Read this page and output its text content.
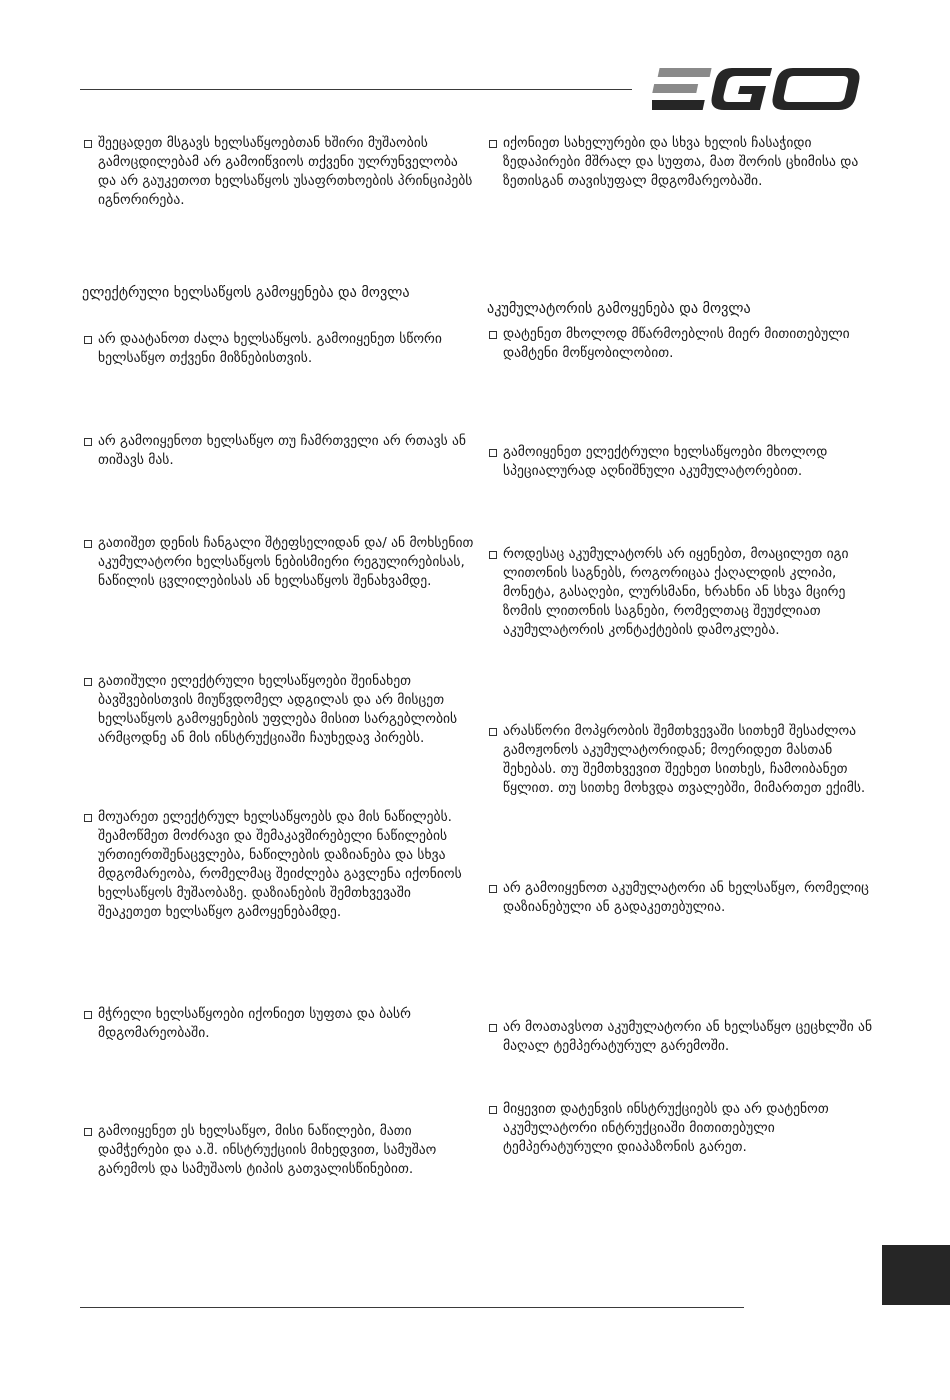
შეეცადეთ მსგავს ხელსაწყოებთან ხშირი მუშაობის გამოცდილებამ არ გამოიწვიოს თქვენი ულრუნველობა და არ გაუკეთოთ ხელსაწყოს უსაფრთხოების პრინციპებს იგნორირება.

ელექტრული ხელსაწყოს გამოყენება და მოვლა

არ დაატანოთ ძალა ხელსაწყოს. გამოიყენეთ სწორი ხელსაწყო თქვენი მიზნებისთვის.

არ გამოიყენოთ ხელსაწყო თუ ჩამრთველი არ რთავს ან თიშავს მას.

გათიშეთ დენის ჩანგალი შტეფსელიდან და/ ან მოხსენით აკუმულატორი ხელსაწყოს ნებისმიერი რეგულირებისას, ნაწილის ცვლილებისას ან ხელსაწყოს შენახვამდე.

გათიშული ელექტრული ხელსაწყოები შეინახეთ ბავშვებისთვის მიუწვდომელ ადგილას და არ მისცეთ ხელსაწყოს გამოყენების უფლება მისით სარგებლობის არმცოდნე ან მის ინსტრუქციაში ჩაუხედავ პირებს.

მოუარეთ ელექტრულ ხელსაწყოებს და მის ნაწილებს. შეამოწმეთ მოძრავი და შემაკავშირებელი ნაწილების ურთიერთშენაცვლება, ნაწილების დაზიანება და სხვა მდგომარეობა, რომელმაც შეიძლება გავლენა იქონიოს ხელსაწყოს მუშაობაზე. დაზიანების შემთხვევაში შეაკეთეთ ხელსაწყო გამოყენებამდე.

მჭრელი ხელსაწყოები იქონიეთ სუფთა და ბასრ მდგომარეობაში.

გამოიყენეთ ეს ხელსაწყო, მისი ნაწილები, მათი დამჭერები და ა.შ. ინსტრუქციის მიხედვით, სამუშაო გარემოს და სამუშაოს ტიპის გათვალისწინებით.

იქონიეთ სახელურები და სხვა ხელის ჩასაჭიდი ზედაპირები მშრალ და სუფთა, მათ შორის ცხიმისა და ზეთისგან თავისუფალ მდგომარეობაში.

აკუმულატორის გამოყენება და მოვლა

დატენეთ მხოლოდ მწარმოებლის მიერ მითითებული დამტენი მოწყობილობით.

გამოიყენეთ ელექტრული ხელსაწყოები მხოლოდ სპეციალურად აღნიშნული აკუმულატორებით.

როდესაც აკუმულატორს არ იყენებთ, მოაცილეთ იგი ლითონის საგნებს, როგორიცაა ქაღალდის კლიპი, მონეტა, გასაღები, ლურსმანი, ხრახნი ან სხვა მცირე ზომის ლითონის საგნები, რომელთაც შეუძლიათ აკუმულატორის კონტაქტების დამოკლება.

არასწორი მოპყრობის შემთხვევაში სითხემ შესაძლოა გამოჟონოს აკუმულატორიდან; მოერიდეთ მასთან შეხებას. თუ შემთხვევით შეეხეთ სითხეს, ჩამოიბანეთ წყლით. თუ სითხე მოხვდა თვალებში, მიმართეთ ექიმს.

არ გამოიყენოთ აკუმულატორი ან ხელსაწყო, რომელიც დაზიანებული ან გადაკეთებულია.

არ მოათავსოთ აკუმულატორი ან ხელსაწყო ცეცხლში ან მაღალ ტემპერატურულ გარემოში.

მიყევით დატენვის ინსტრუქციებს და არ დატენოთ აკუმულატორი ინტრუქციაში მითითებული ტემპერატურული დიაპაზონის გარეთ.
